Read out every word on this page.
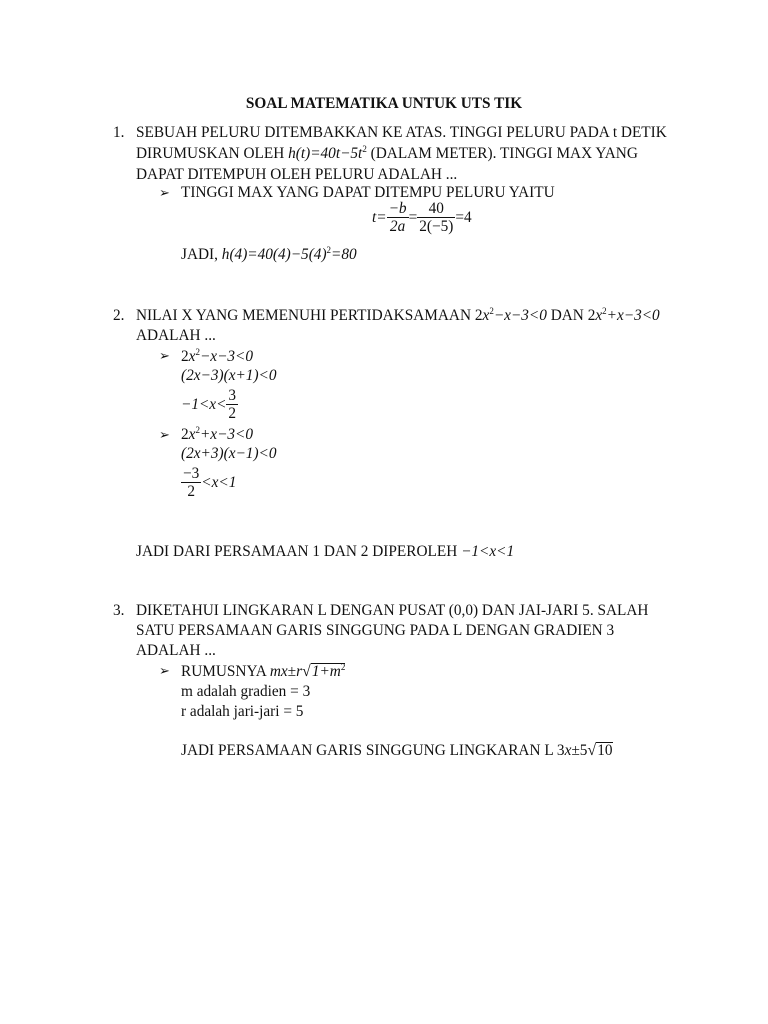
SOAL MATEMATIKA UNTUK UTS TIK
1. SEBUAH PELURU DITEMBAKKAN KE ATAS. TINGGI PELURU PADA t DETIK
DIRUMUSKAN OLEH $h(t)=40t-5t^2$ (DALAM METER). TINGGI MAX YANG
DAPAT DITEMPUH OLEH PELURU ADALAH ...
➢ TINGGI MAX YANG DAPAT DITEMPU PELURU YAITU
$t= \frac{-b}{2a} = \frac{40}{2(-5)} =4$
JADI, $h(4)=40(4)-5(4)^2=80$
2. NILAI X YANG MEMENUHI PERTIDAKSAMAAN $2x^2-x-3<0$ DAN $2x^2+x-3<0$
ADALAH ...
➢ $2x^2-x-3<0$
(2x−3)(x+1)<0
$-1<x< \frac{3}{2}$
➢ $2x^2+x-3<0$
(2x+3)(x−1)<0
$\frac{-3}{2} <x<1$
JADI DARI PERSAMAAN 1 DAN 2 DIPEROLEH −1<x<1
3. DIKETAHUI LINGKARAN L DENGAN PUSAT (0,0) DAN JAI-JARI 5. SALAH
SATU PERSAMAAN GARIS SINGGUNG PADA L DENGAN GRADIEN 3
ADALAH ...
➢ RUMUSNYA $mx\pm r√1+m^2$
m adalah gradien = 3
r adalah jari-jari = 5
JADI PERSAMAAN GARIS SINGGUNG LINGKARAN L 3x±5√10
